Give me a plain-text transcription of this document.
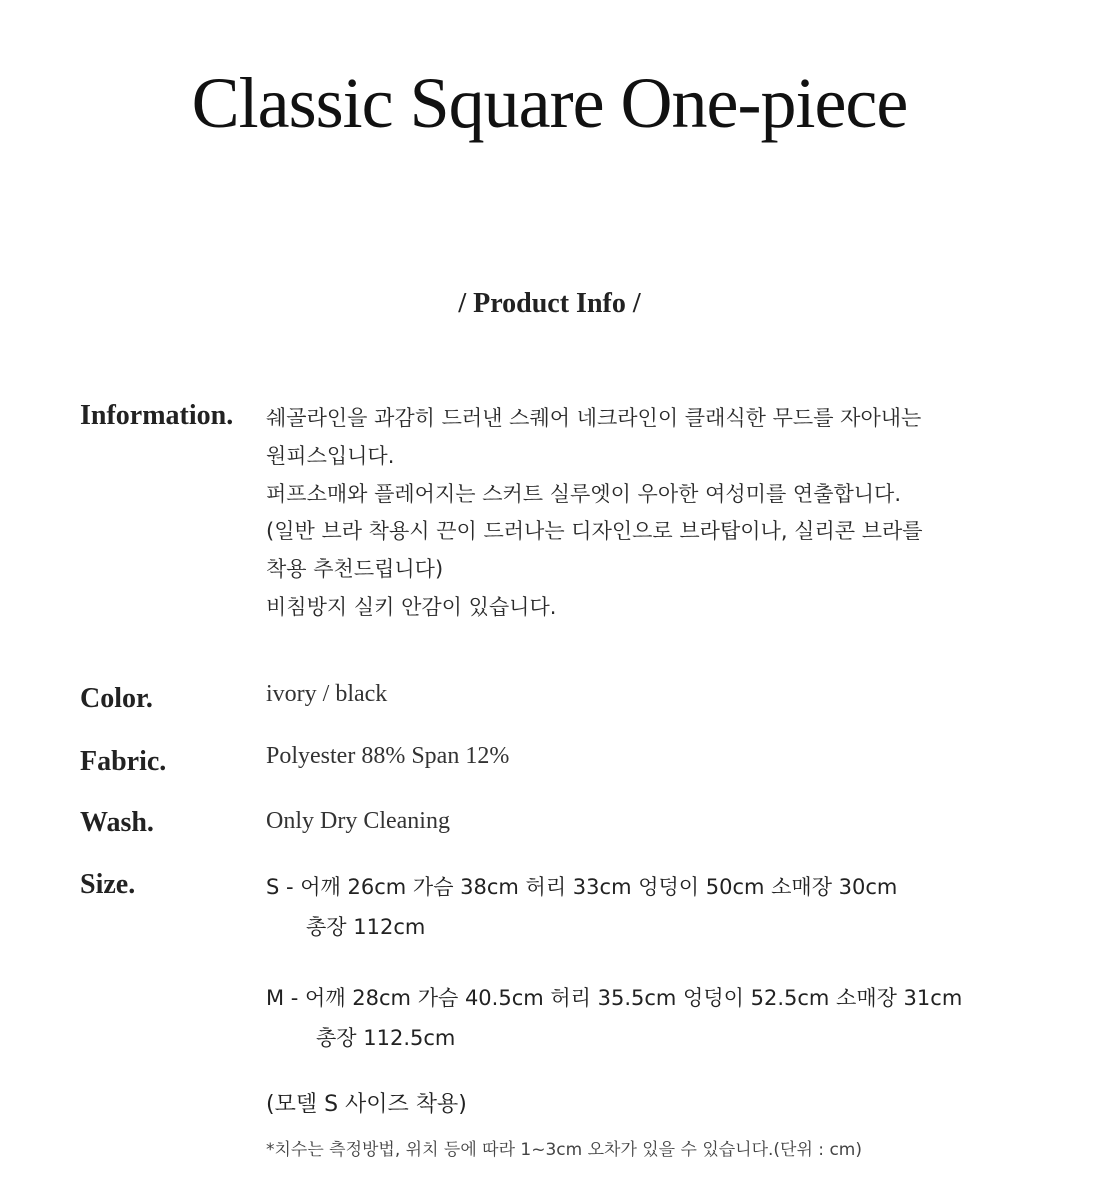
Classic Square One-piece
/ Product Info /
Information. 쉐골라인을 과감히 드러낸 스퀘어 네크라인이 클래식한 무드를 자아내는
원피스입니다.
퍼프소매와 플레어지는 스커트 실루엣이 우아한 여성미를 연출합니다.
(일반 브라 착용시 끈이 드러나는 디자인으로 브라탑이나, 실리콘 브라를
착용 추천드립니다)
비침방지 실키 안감이 있습니다.
Color.	ivory / black
Fabric.	Polyester 88% Span 12%
Wash.	Only Dry Cleaning
Size.	S - 어깨 26cm 가슴 38cm 허리 33cm 엉덩이 50cm 소매장 30cm
총장 112cm
M - 어깨 28cm 가슴 40.5cm 허리 35.5cm 엉덩이 52.5cm 소매장 31cm
총장 112.5cm
(모델 S 사이즈 착용)
*치수는 측정방법, 위치 등에 따라 1~3cm 오차가 있을 수 있습니다.(단위 : cm)
